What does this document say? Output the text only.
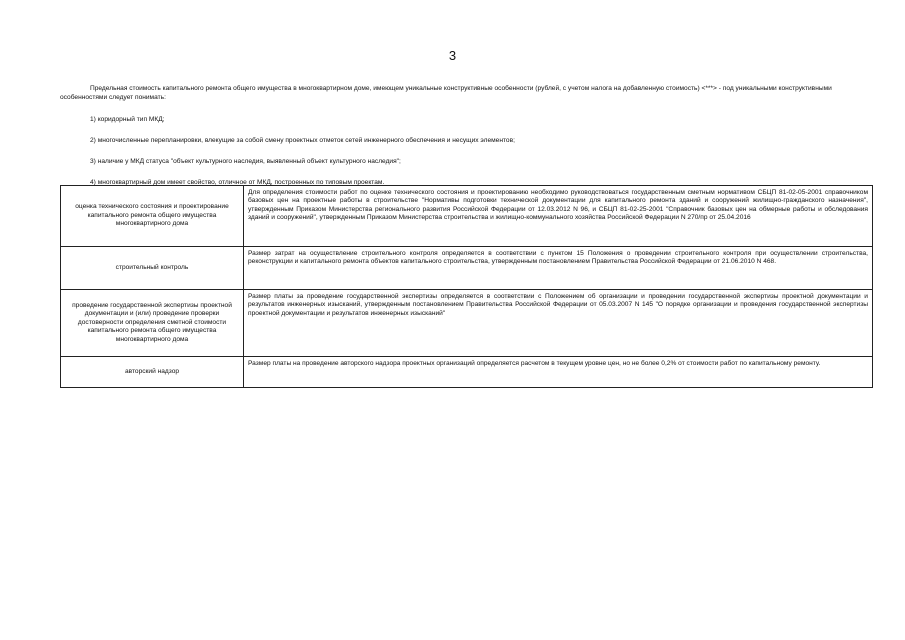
3

Предельная стоимость капитального ремонта общего имущества в многоквартирном доме, имеющем уникальные конструктивные особенности (рублей, с учетом налога на добавленную стоимость) <***> - под уникальными конструктивными особенностями следует понимать:

1) коридорный тип МКД;

2) многочисленные перепланировки, влекущие за собой смену проектных отметок сетей инженерного обеспечения и несущих элементов;

3) наличие у МКД статуса "объект культурного наследия, выявленный объект культурного наследия";

4) многоквартирный дом имеет свойство, отличное от МКД, построенных по типовым проектам.

оценка технического состояния и проектирование капитального ремонта общего имущества многоквартирного дома	Для определения стоимости работ по оценке технического состояния и проектированию необходимо руководствоваться государственным сметным нормативом СБЦП 81-02-05-2001 справочником базовых цен на проектные работы в строительстве "Нормативы подготовки технической документации для капитального ремонта зданий и сооружений жилищно-гражданского назначения", утвержденным Приказом Министерства регионального развития Российской Федерации от 12.03.2012 N 96, и СБЦП 81-02-25-2001 "Справочник базовых цен на обмерные работы и обследования зданий и сооружений", утвержденным Приказом Министерства строительства и жилищно-коммунального хозяйства Российской Федерации N 270/пр от 25.04.2016
строительный контроль	Размер затрат на осуществление строительного контроля определяется в соответствии с пунктом 15 Положения о проведении строительного контроля при осуществлении строительства, реконструкции и капитального ремонта объектов капитального строительства, утвержденным постановлением Правительства Российской Федерации от 21.06.2010 N 468.
проведение государственной экспертизы проектной документации и (или) проведение проверки достоверности определения сметной стоимости капитального ремонта общего имущества многоквартирного дома	Размер платы за проведение государственной экспертизы определяется в соответствии с Положением об организации и проведении государственной экспертизы проектной документации и результатов инженерных изысканий, утвержденным постановлением Правительства Российской Федерации от 05.03.2007 N 145 "О порядке организации и проведения государственной экспертизы проектной документации и результатов инженерных изысканий"
авторский надзор	Размер платы на проведение авторского надзора проектных организаций определяется расчетом в текущем уровне цен, но не более 0,2% от стоимости работ по капитальному ремонту.
